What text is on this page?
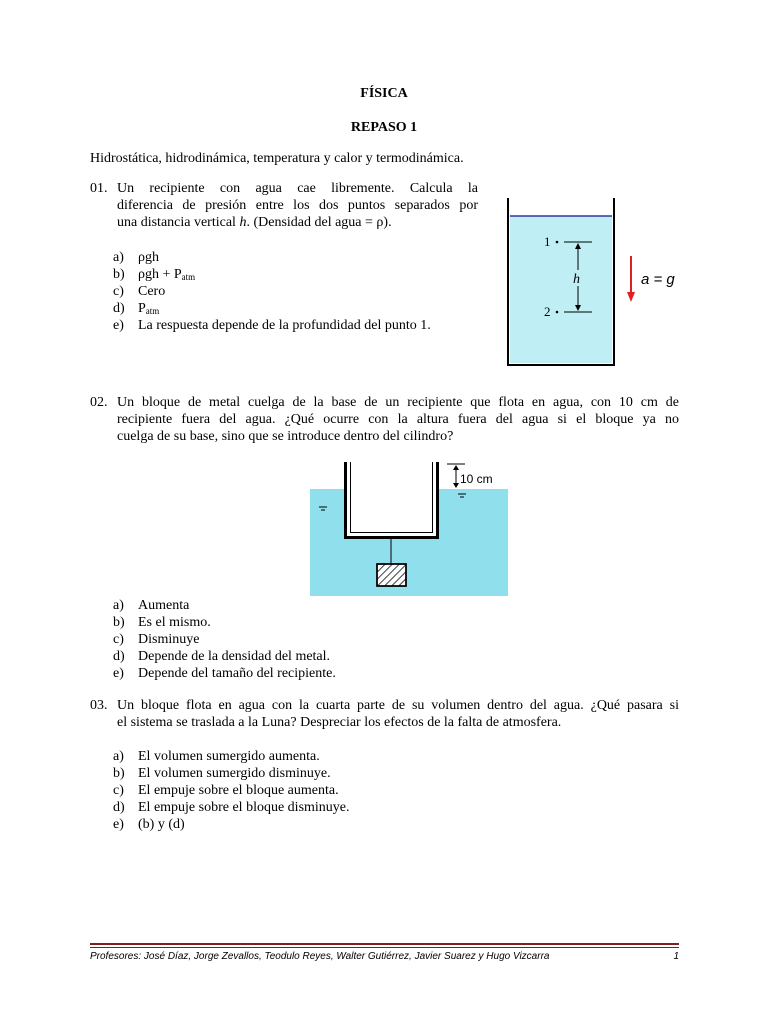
FÍSICA
REPASO 1
Hidrostática, hidrodinámica, temperatura y calor y termodinámica.
01. Un recipiente con agua cae libremente. Calcula la
diferencia de presión entre los dos puntos separados por
una distancia vertical h. (Densidad del agua = ρ).
a) ρgh
b) $\rho gh + P_{atm}$
c) Cero
d) $P_{atm}$
e) La respuesta depende de la profundidad del punto 1.
1
2
h	a = g
02. Un bloque de metal cuelga de la base de un recipiente que flota en agua, con 10 cm de
recipiente fuera del agua. ¿Qué ocurre con la altura fuera del agua si el bloque ya no
cuelga de su base, sino que se introduce dentro del cilindro?
10 cm
a) Aumenta
b) Es el mismo.
c) Disminuye
d) Depende de la densidad del metal.
e) Depende del tamaño del recipiente.
03. Un bloque flota en agua con la cuarta parte de su volumen dentro del agua. ¿Qué pasara si
el sistema se traslada a la Luna? Despreciar los efectos de la falta de atmosfera.
a) El volumen sumergido aumenta.
b) El volumen sumergido disminuye.
c) El empuje sobre el bloque aumenta.
d) El empuje sobre el bloque disminuye.
e) (b) y (d)
Profesores: José Díaz, Jorge Zevallos, Teodulo Reyes, Walter Gutiérrez, Javier Suarez y Hugo Vizcarra	1
